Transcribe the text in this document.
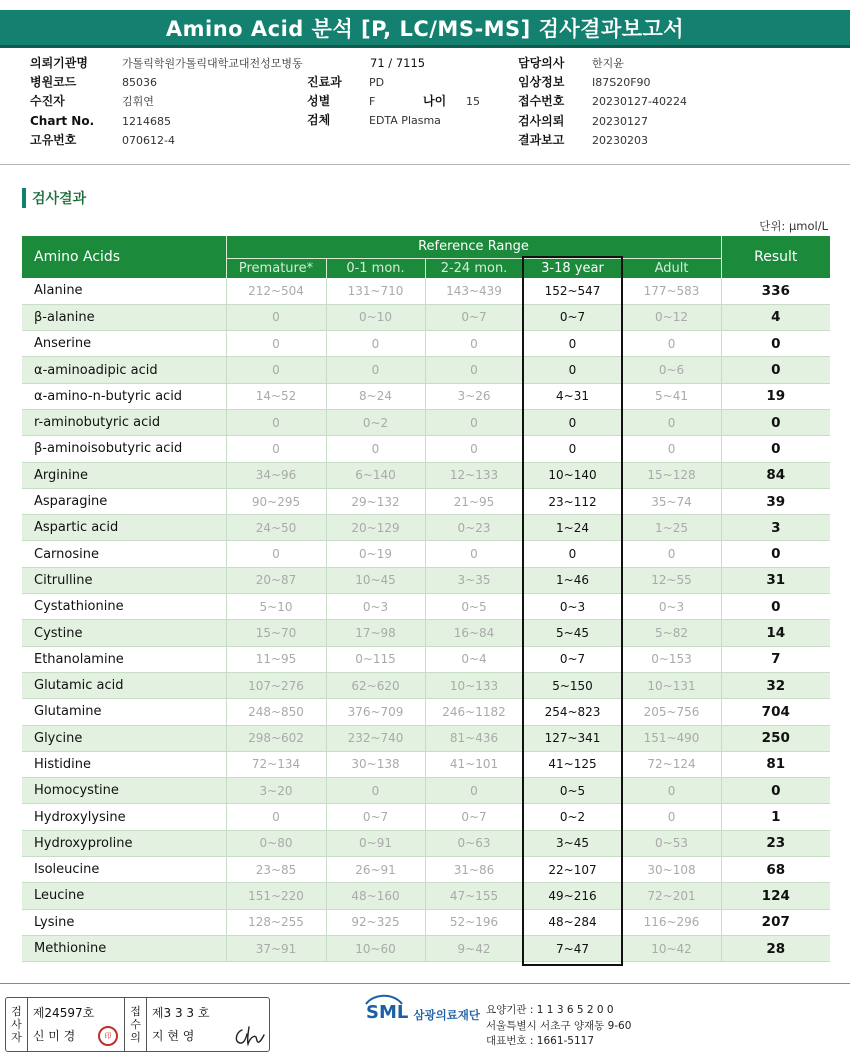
Amino Acid 분석 [P, LC/MS-MS] 검사결과보고서
의뢰기관명	가톨릭학원가톨릭대학교대전성모병동
병원코드	85036
수진자	김휘연
Chart No.	1214685
고유번호	070612-4
71 / 7115
진료과 PD
성별	F
검체	EDTA Plasma
나이 15
담당의사	한지윤
임상정보	I87S20F90
접수번호	20230127-40224
검사의뢰	20230127
결과보고	20230203
검사결과
단위: μmol/L
Amino Acids	Reference Range					Result
	Premature*	0-1 mon.	2-24 mon.	3-18 year	Adult	
Alanine	212~504	131~710	143~439	152~547	177~583	336
β-alanine	0	0~10	0~7	0~7	0~12	4
Anserine	0	0	0	0	0	0
α-aminoadipic acid	0	0	0	0	0~6	0
α-amino-n-butyric acid	14~52	8~24	3~26	4~31	5~41	19
r-aminobutyric acid	0	0~2	0	0	0	0
β-aminoisobutyric acid	0	0	0	0	0	0
Arginine	34~96	6~140	12~133	10~140	15~128	84
Asparagine	90~295	29~132	21~95	23~112	35~74	39
Aspartic acid	24~50	20~129	0~23	1~24	1~25	3
Carnosine	0	0~19	0	0	0	0
Citrulline	20~87	10~45	3~35	1~46	12~55	31
Cystathionine	5~10	0~3	0~5	0~3	0~3	0
Cystine	15~70	17~98	16~84	5~45	5~82	14
Ethanolamine	11~95	0~115	0~4	0~7	0~153	7
Glutamic acid	107~276	62~620	10~133	5~150	10~131	32
Glutamine	248~850	376~709	246~1182	254~823	205~756	704
Glycine	298~602	232~740	81~436	127~341	151~490	250
Histidine	72~134	30~138	41~101	41~125	72~124	81
Homocystine	3~20	0	0	0~5	0	0
Hydroxylysine	0	0~7	0~7	0~2	0	1
Hydroxyproline	0~80	0~91	0~63	3~45	0~53	23
Isoleucine	23~85	26~91	31~86	22~107	30~108	68
Leucine	151~220	48~160	47~155	49~216	72~201	124
Lysine	128~255	92~325	52~196	48~284	116~296	207
Methionine	37~91	10~60	9~42	7~47	10~42	28
검
사
자
제24597호
신 미 경	印
접
수
의
제3 3 3 호
지 현 영
SML 삼광의료재단 요양기관 : 1 1 3 6 5 2 0 0
서울특별시 서초구 양재동 9-60
대표번호 : 1661-5117
